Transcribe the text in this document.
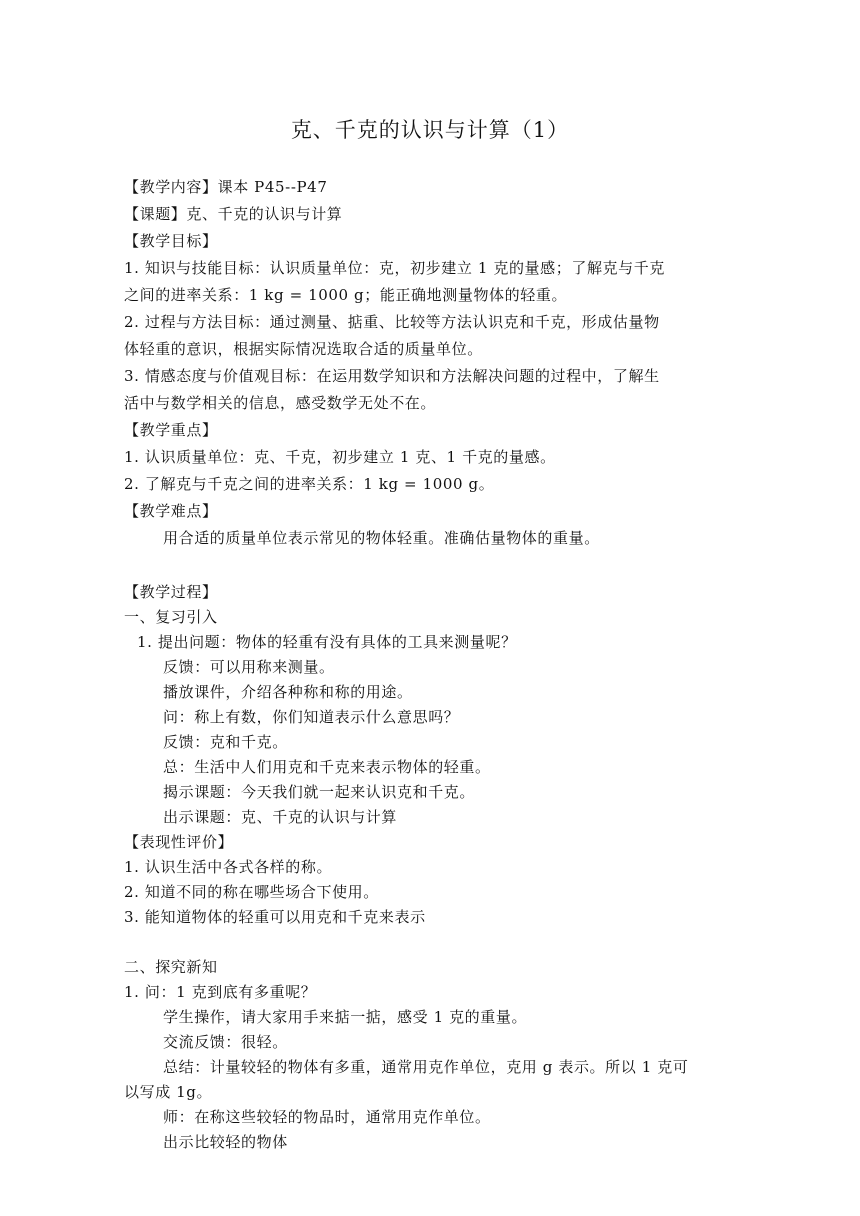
克、千克的认识与计算（1）
【教学内容】课本 P45--P47
【课题】克、千克的认识与计算
【教学目标】
1. 知识与技能目标：认识质量单位：克，初步建立 1 克的量感；了解克与千克
之间的进率关系：1 kg = 1000 g；能正确地测量物体的轻重。
2. 过程与方法目标：通过测量、掂重、比较等方法认识克和千克，形成估量物
体轻重的意识，根据实际情况选取合适的质量单位。
3. 情感态度与价值观目标：在运用数学知识和方法解决问题的过程中，了解生
活中与数学相关的信息，感受数学无处不在。
【教学重点】
1. 认识质量单位：克、千克，初步建立 1 克、1 千克的量感。
2. 了解克与千克之间的进率关系：1 kg = 1000 g。
【教学难点】
用合适的质量单位表示常见的物体轻重。准确估量物体的重量。
【教学过程】
一、复习引入
1. 提出问题：物体的轻重有没有具体的工具来测量呢？
反馈：可以用称来测量。
播放课件，介绍各种称和称的用途。
问：称上有数，你们知道表示什么意思吗？
反馈：克和千克。
总：生活中人们用克和千克来表示物体的轻重。
揭示课题：今天我们就一起来认识克和千克。
出示课题：克、千克的认识与计算
【表现性评价】
1. 认识生活中各式各样的称。
2. 知道不同的称在哪些场合下使用。
3. 能知道物体的轻重可以用克和千克来表示
二、探究新知
1. 问：1 克到底有多重呢？
学生操作，请大家用手来掂一掂，感受 1 克的重量。
交流反馈：很轻。
总结：计量较轻的物体有多重，通常用克作单位，克用 g 表示。所以 1 克可
以写成 1g。
师：在称这些较轻的物品时，通常用克作单位。
出示比较轻的物体
